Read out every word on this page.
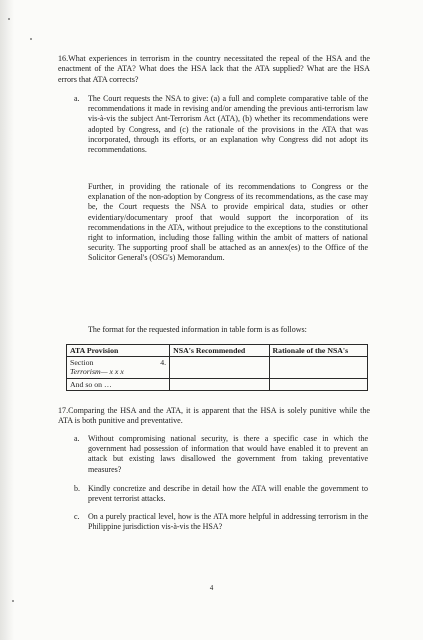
16.What experiences in terrorism in the country necessitated the repeal of the HSA and the enactment of the ATA? What does the HSA lack that the ATA supplied? What are the HSA errors that ATA corrects?
a. The Court requests the NSA to give: (a) a full and complete comparative table of the recommendations it made in revising and/or amending the previous anti-terrorism law vis-à-vis the subject Ant-Terrorism Act (ATA), (b) whether its recommendations were adopted by Congress, and (c) the rationale of the provisions in the ATA that was incorporated, through its efforts, or an explanation why Congress did not adopt its recommendations.
Further, in providing the rationale of its recommendations to Congress or the explanation of the non-adoption by Congress of its recommendations, as the case may be, the Court requests the NSA to provide empirical data, studies or other evidentiary/documentary proof that would support the incorporation of its recommendations in the ATA, without prejudice to the exceptions to the constitutional right to information, including those falling within the ambit of matters of national security. The supporting proof shall be attached as an annex(es) to the Office of the Solicitor General's (OSG's) Memorandum.
The format for the requested information in table form is as follows:
ATA Provision	NSA's Recommended	Rationale of the NSA's

Section 4.
Terrorism— x x x		

And so on …		
17.Comparing the HSA and the ATA, it is apparent that the HSA is solely punitive while the ATA is both punitive and preventative.
a. Without compromising national security, is there a specific case in which the government had possession of information that would have enabled it to prevent an attack but existing laws disallowed the government from taking preventative measures?
b. Kindly concretize and describe in detail how the ATA will enable the government to prevent terrorist attacks.
c. On a purely practical level, how is the ATA more helpful in addressing terrorism in the Philippine jurisdiction vis-à-vis the HSA?
4
